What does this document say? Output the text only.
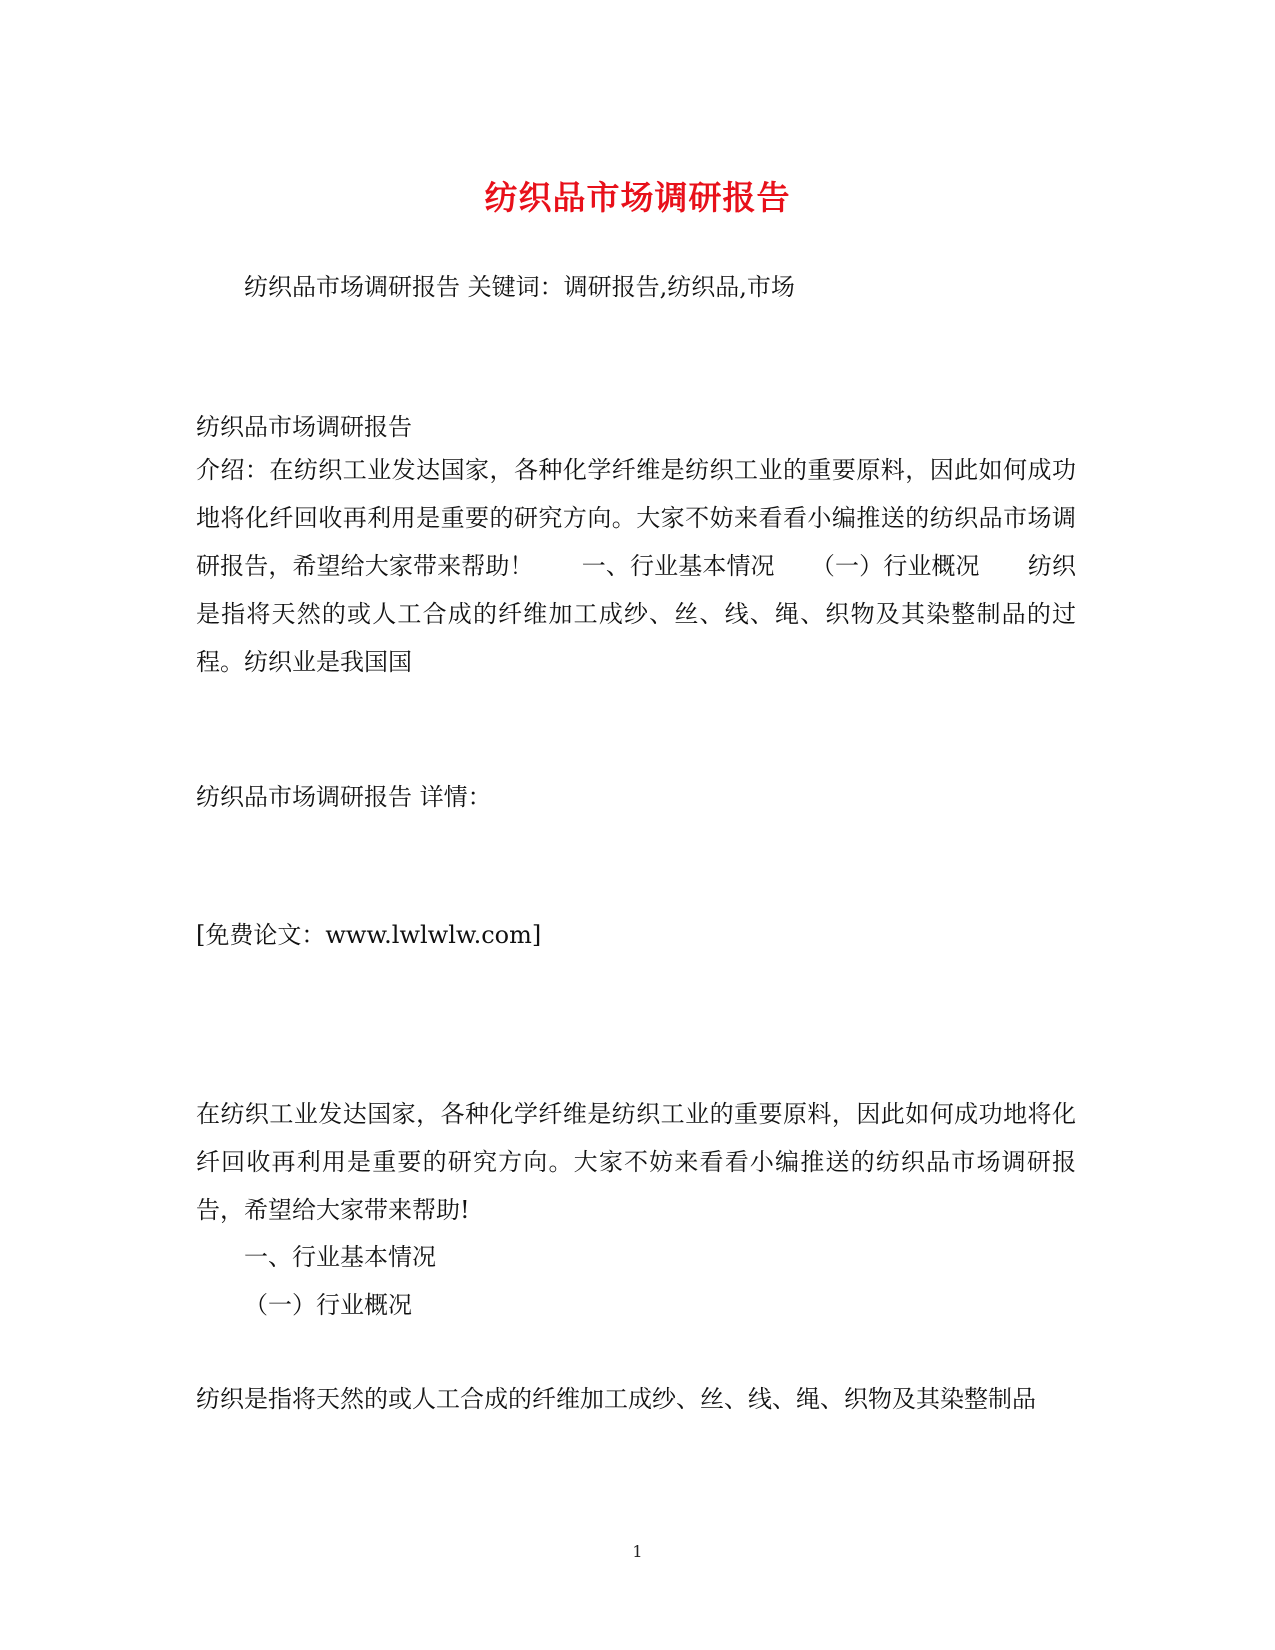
纺织品市场调研报告
纺织品市场调研报告 关键词：调研报告,纺织品,市场
纺织品市场调研报告
介绍：在纺织工业发达国家，各种化学纤维是纺织工业的重要原料，因此如何成功地将化纤回收再利用是重要的研究方向。大家不妨来看看小编推送的纺织品市场调研报告，希望给大家带来帮助！　　一、行业基本情况　　（一）行业概况　　纺织是指将天然的或人工合成的纤维加工成纱、丝、线、绳、织物及其染整制品的过程。纺织业是我国国
纺织品市场调研报告 详情：
[免费论文：www.lwlwlw.com]
在纺织工业发达国家，各种化学纤维是纺织工业的重要原料，因此如何成功地将化纤回收再利用是重要的研究方向。大家不妨来看看小编推送的纺织品市场调研报告，希望给大家带来帮助!
一、行业基本情况
（一）行业概况
纺织是指将天然的或人工合成的纤维加工成纱、丝、线、绳、织物及其染整制品
1
